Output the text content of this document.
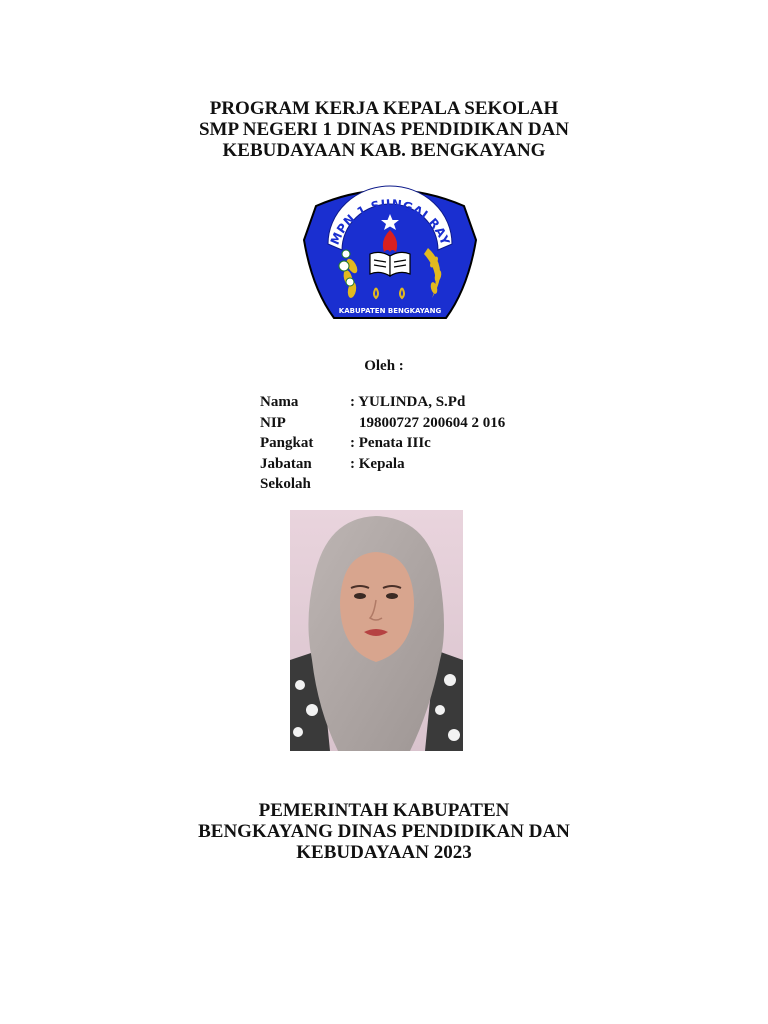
PROGRAM KERJA KEPALA SEKOLAH
SMP NEGERI 1 DINAS PENDIDIKAN DAN
KEBUDAYAAN KAB. BENGKAYANG
MPN 1 SUNGAI RAY
KABUPATEN BENGKAYANG
Oleh :
Nama	: YULINDA, S.Pd
NIP	19800727 200604 2 016
Pangkat	: Penata IIIc
Jabatan	: Kepala
Sekolah
PEMERINTAH KABUPATEN
BENGKAYANG DINAS PENDIDIKAN DAN
KEBUDAYAAN 2023
